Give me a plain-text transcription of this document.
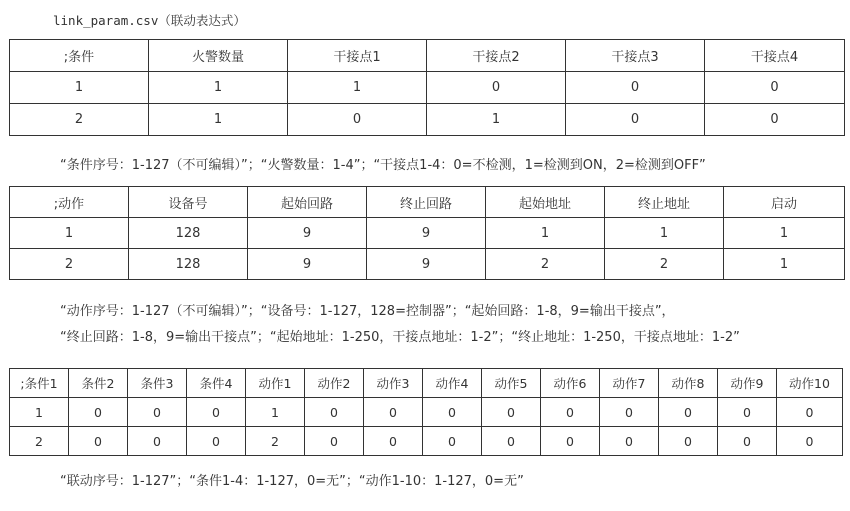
link_param.csv（联动表达式）
;条件	火警数量	干接点1	干接点2	干接点3	干接点4
1	1	1	0	0	0
2	1	0	1	0	0
“条件序号：1-127（不可编辑）”；“火警数量：1-4”；“干接点1-4：0=不检测，1=检测到ON，2=检测到OFF”
;动作	设备号	起始回路	终止回路	起始地址	终止地址	启动
1	128	9	9	1	1	1
2	128	9	9	2	2	1
“动作序号：1-127（不可编辑）”；“设备号：1-127，128=控制器”；“起始回路：1-8，9=输出干接点”，
“终止回路：1-8，9=输出干接点”；“起始地址：1-250，干接点地址：1-2”；“终止地址：1-250，干接点地址：1-2”
;条件1	条件2	条件3	条件4	动作1	动作2	动作3	动作4	动作5	动作6	动作7	动作8	动作9	动作10
1	0	0	0	1	0	0	0	0	0	0	0	0	0
2	0	0	0	2	0	0	0	0	0	0	0	0	0
“联动序号：1-127”；“条件1-4：1-127，0=无”；“动作1-10：1-127，0=无”
